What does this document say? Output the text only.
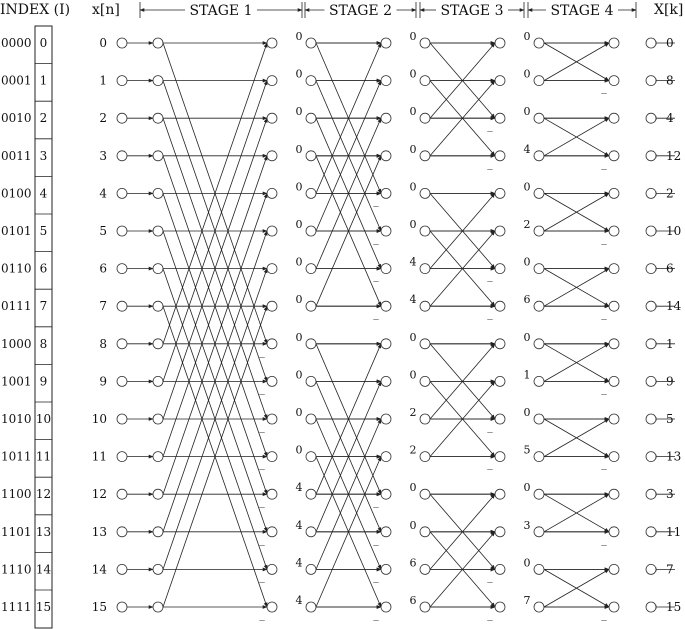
INDEX (I)
0000 0
0001 1
0010 2
0011 3
0100 4
0101 5
0110 6
0111 7
1000 8
1001 9
1010 10
1011 11
1100 12
1101 13
1110 14
1111 15
x[n]	X[k]
STAGE 1	STAGE 2	STAGE 3	STAGE 4
0	0
1	8
2	4
3	12
4	2
5	10
6	6
7	14
8	1
9	9
10	5
11	13
12	3
13	11
14	7
15	15
_
_
_
_
_
_
_
_
_
_
_
_
_
_
_
_
_
_
_
_
_
_
_
_
_
_
_
_
_
_
_
_
0
0
0
0
0
0
0
0
0
0
0
0
4
4
4
4
0
0
0
0
0
0
4
4
0
0
2
2
0
0
6
6
0
0
0
4
0
2
0
6
0
1
0
5
0
3
0
7
